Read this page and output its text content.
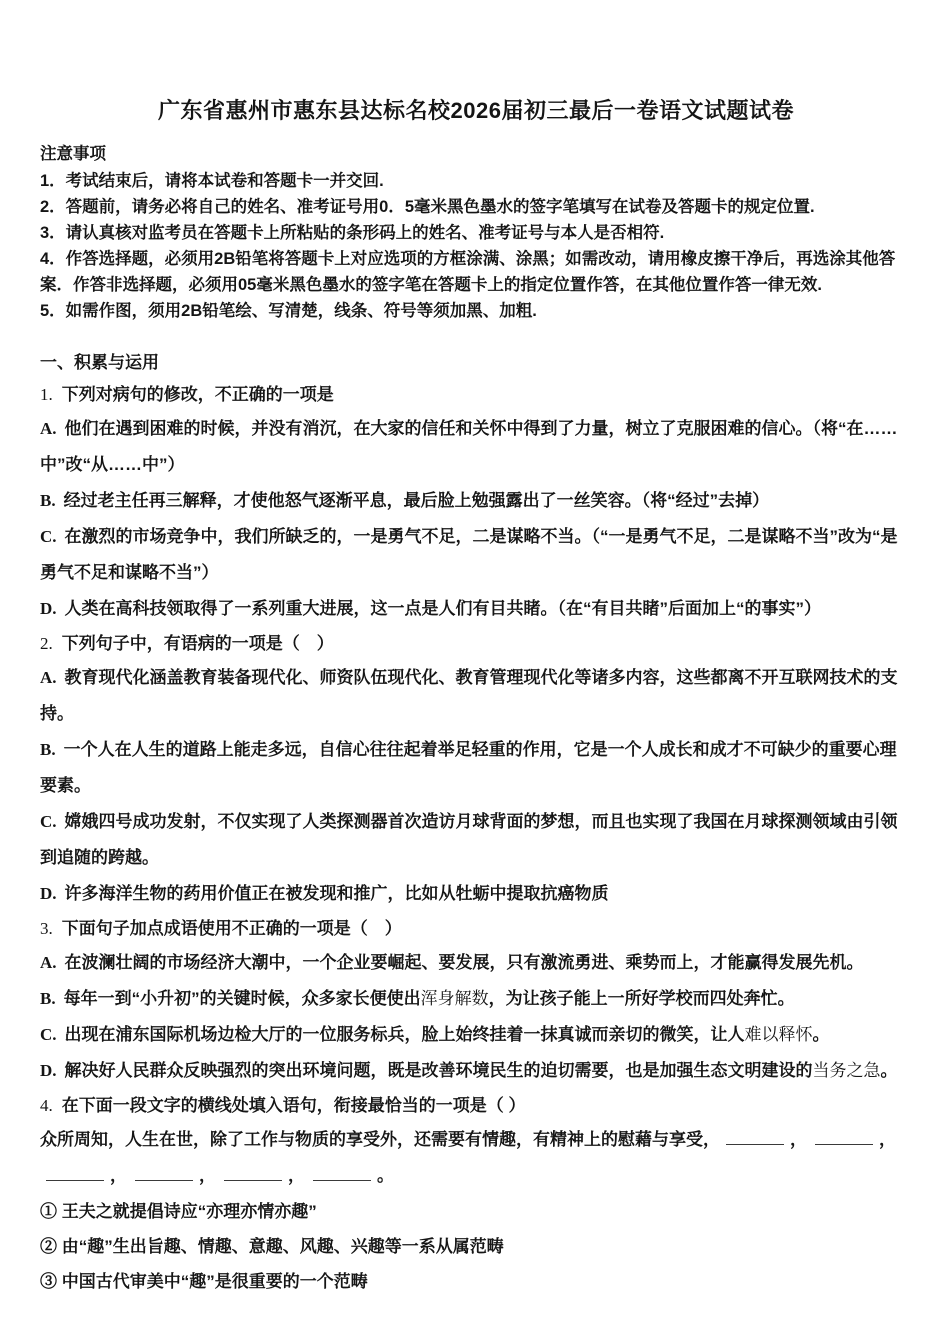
广东省惠州市惠东县达标名校2026届初三最后一卷语文试题试卷
注意事项

1．考试结束后，请将本试卷和答题卡一并交回.

2．答题前，请务必将自己的姓名、准考证号用0．5毫米黑色墨水的签字笔填写在试卷及答题卡的规定位置.

3．请认真核对监考员在答题卡上所粘贴的条形码上的姓名、准考证号与本人是否相符.

4．作答选择题，必须用2B铅笔将答题卡上对应选项的方框涂满、涂黑；如需改动，请用橡皮擦干净后，再选涂其他答案．作答非选择题，必须用05毫米黑色墨水的签字笔在答题卡上的指定位置作答，在其他位置作答一律无效.

5．如需作图，须用2B铅笔绘、写清楚，线条、符号等须加黑、加粗.

一、积累与运用

1. 下列对病句的修改，不正确的一项是

A. 他们在遇到困难的时候，并没有消沉，在大家的信任和关怀中得到了力量，树立了克服困难的信心。（将“在……中”改“从……中”）

B. 经过老主任再三解释，才使他怒气逐渐平息，最后脸上勉强露出了一丝笑容。（将“经过”去掉）

C. 在激烈的市场竞争中，我们所缺乏的，一是勇气不足，二是谋略不当。（“一是勇气不足，二是谋略不当”改为“是勇气不足和谋略不当”）

D. 人类在高科技领取得了一系列重大进展，这一点是人们有目共睹。（在“有目共睹”后面加上“的事实”）

2. 下列句子中，有语病的一项是（　）

A. 教育现代化涵盖教育装备现代化、师资队伍现代化、教育管理现代化等诸多内容，这些都离不开互联网技术的支持。

B. 一个人在人生的道路上能走多远，自信心往往起着举足轻重的作用，它是一个人成长和成才不可缺少的重要心理要素。

C. 嫦娥四号成功发射，不仅实现了人类探测器首次造访月球背面的梦想，而且也实现了我国在月球探测领域由引领到追随的跨越。

D. 许多海洋生物的药用价值正在被发现和推广，比如从牡蛎中提取抗癌物质

3. 下面句子加点成语使用不正确的一项是（　）

A. 在波澜壮阔的市场经济大潮中，一个企业要崛起、要发展，只有激流勇进、乘势而上，才能赢得发展先机。

B. 每年一到“小升初”的关键时候，众多家长便使出浑身解数，为让孩子能上一所好学校而四处奔忙。

C. 出现在浦东国际机场边检大厅的一位服务标兵，脸上始终挂着一抹真诚而亲切的微笑，让人难以释怀。

D. 解决好人民群众反映强烈的突出环境问题，既是改善环境民生的迫切需要，也是加强生态文明建设的当务之急。

4. 在下面一段文字的横线处填入语句，衔接最恰当的一项是（ ）

众所周知，人生在世，除了工作与物质的享受外，还需要有情趣，有精神上的慰藉与享受，	，	，，	，	，	。

① 王夫之就提倡诗应“亦理亦情亦趣”

② 由“趣”生出旨趣、情趣、意趣、风趣、兴趣等一系从属范畴

③ 中国古代审美中“趣”是很重要的一个范畴
